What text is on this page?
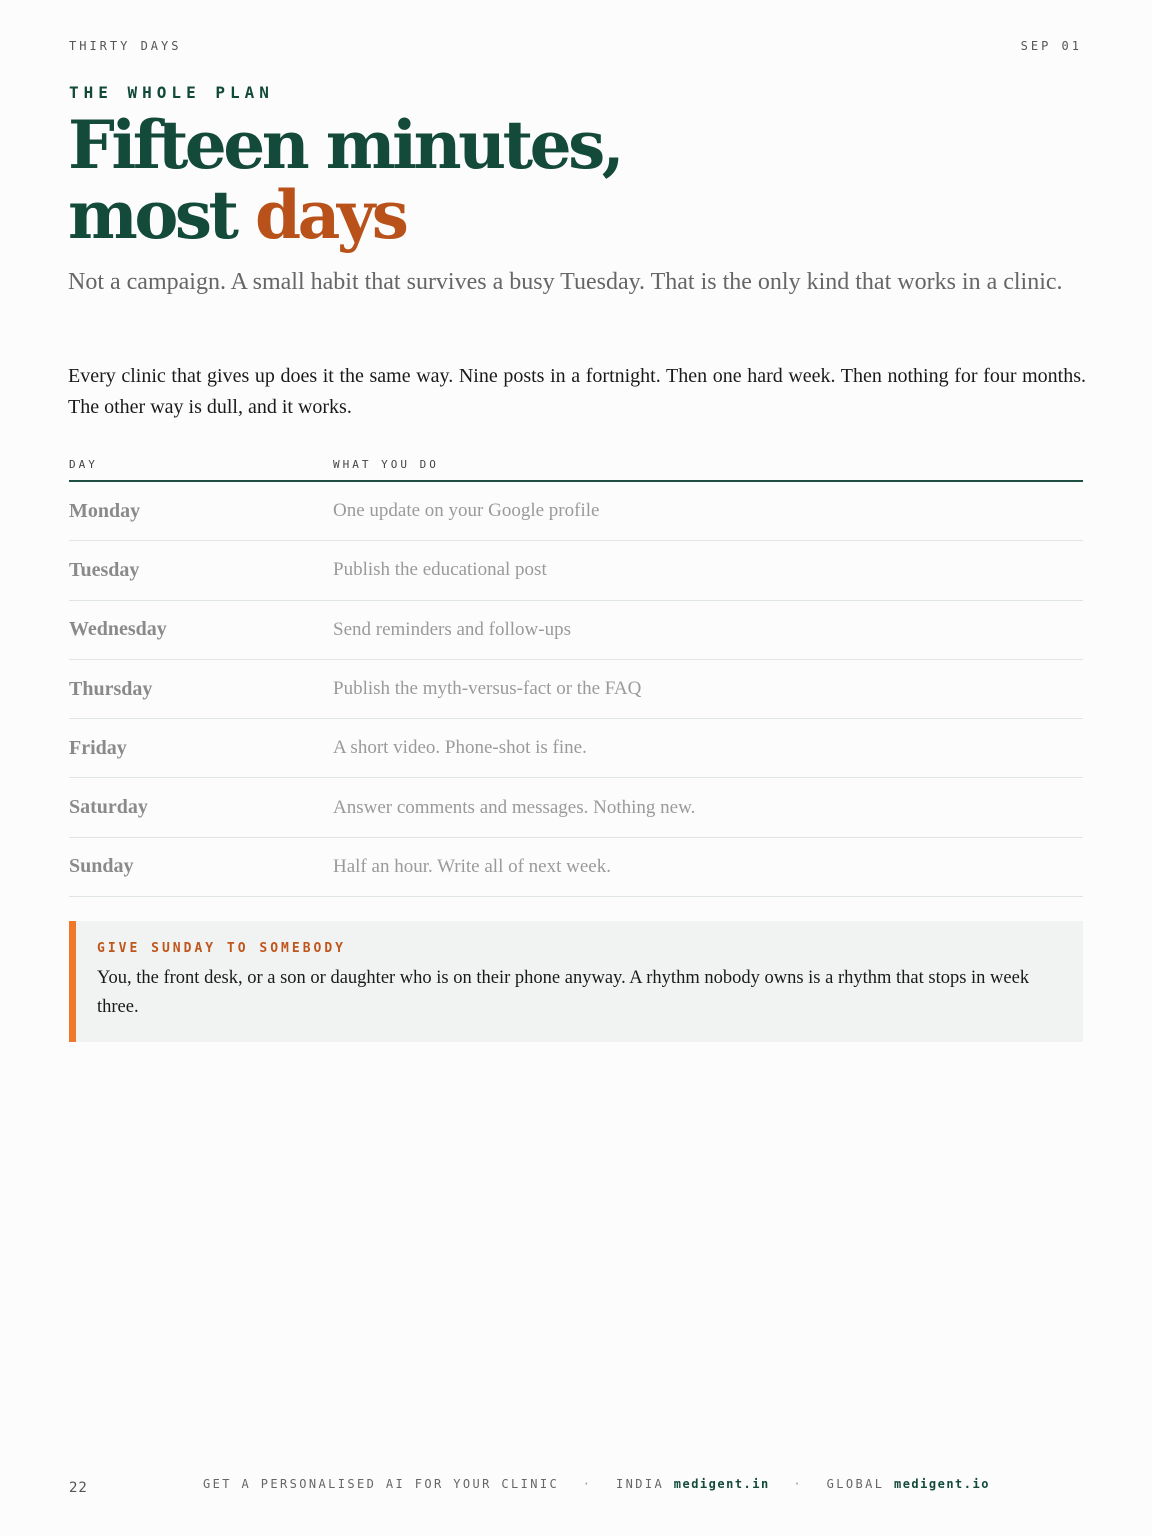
THIRTY DAYS	SEP 01
THE WHOLE PLAN
Fifteen minutes,
most days

Not a campaign. A small habit that survives a busy Tuesday. That is the only kind that works in a clinic.

Every clinic that gives up does it the same way. Nine posts in a fortnight. Then one hard week. Then nothing for four months. The other way is dull, and it works.

DAY	WHAT YOU DO
Monday	One update on your Google profile
Tuesday	Publish the educational post
Wednesday	Send reminders and follow-ups
Thursday	Publish the myth-versus-fact or the FAQ
Friday	A short video. Phone-shot is fine.
Saturday	Answer comments and messages. Nothing new.
Sunday	Half an hour. Write all of next week.
GIVE SUNDAY TO SOMEBODY

You, the front desk, or a son or daughter who is on their phone anyway. A rhythm nobody owns is a rhythm that stops in week three.

22	GET A PERSONALISED AI FOR YOUR CLINIC · INDIA medigent.in · GLOBAL medigent.io
